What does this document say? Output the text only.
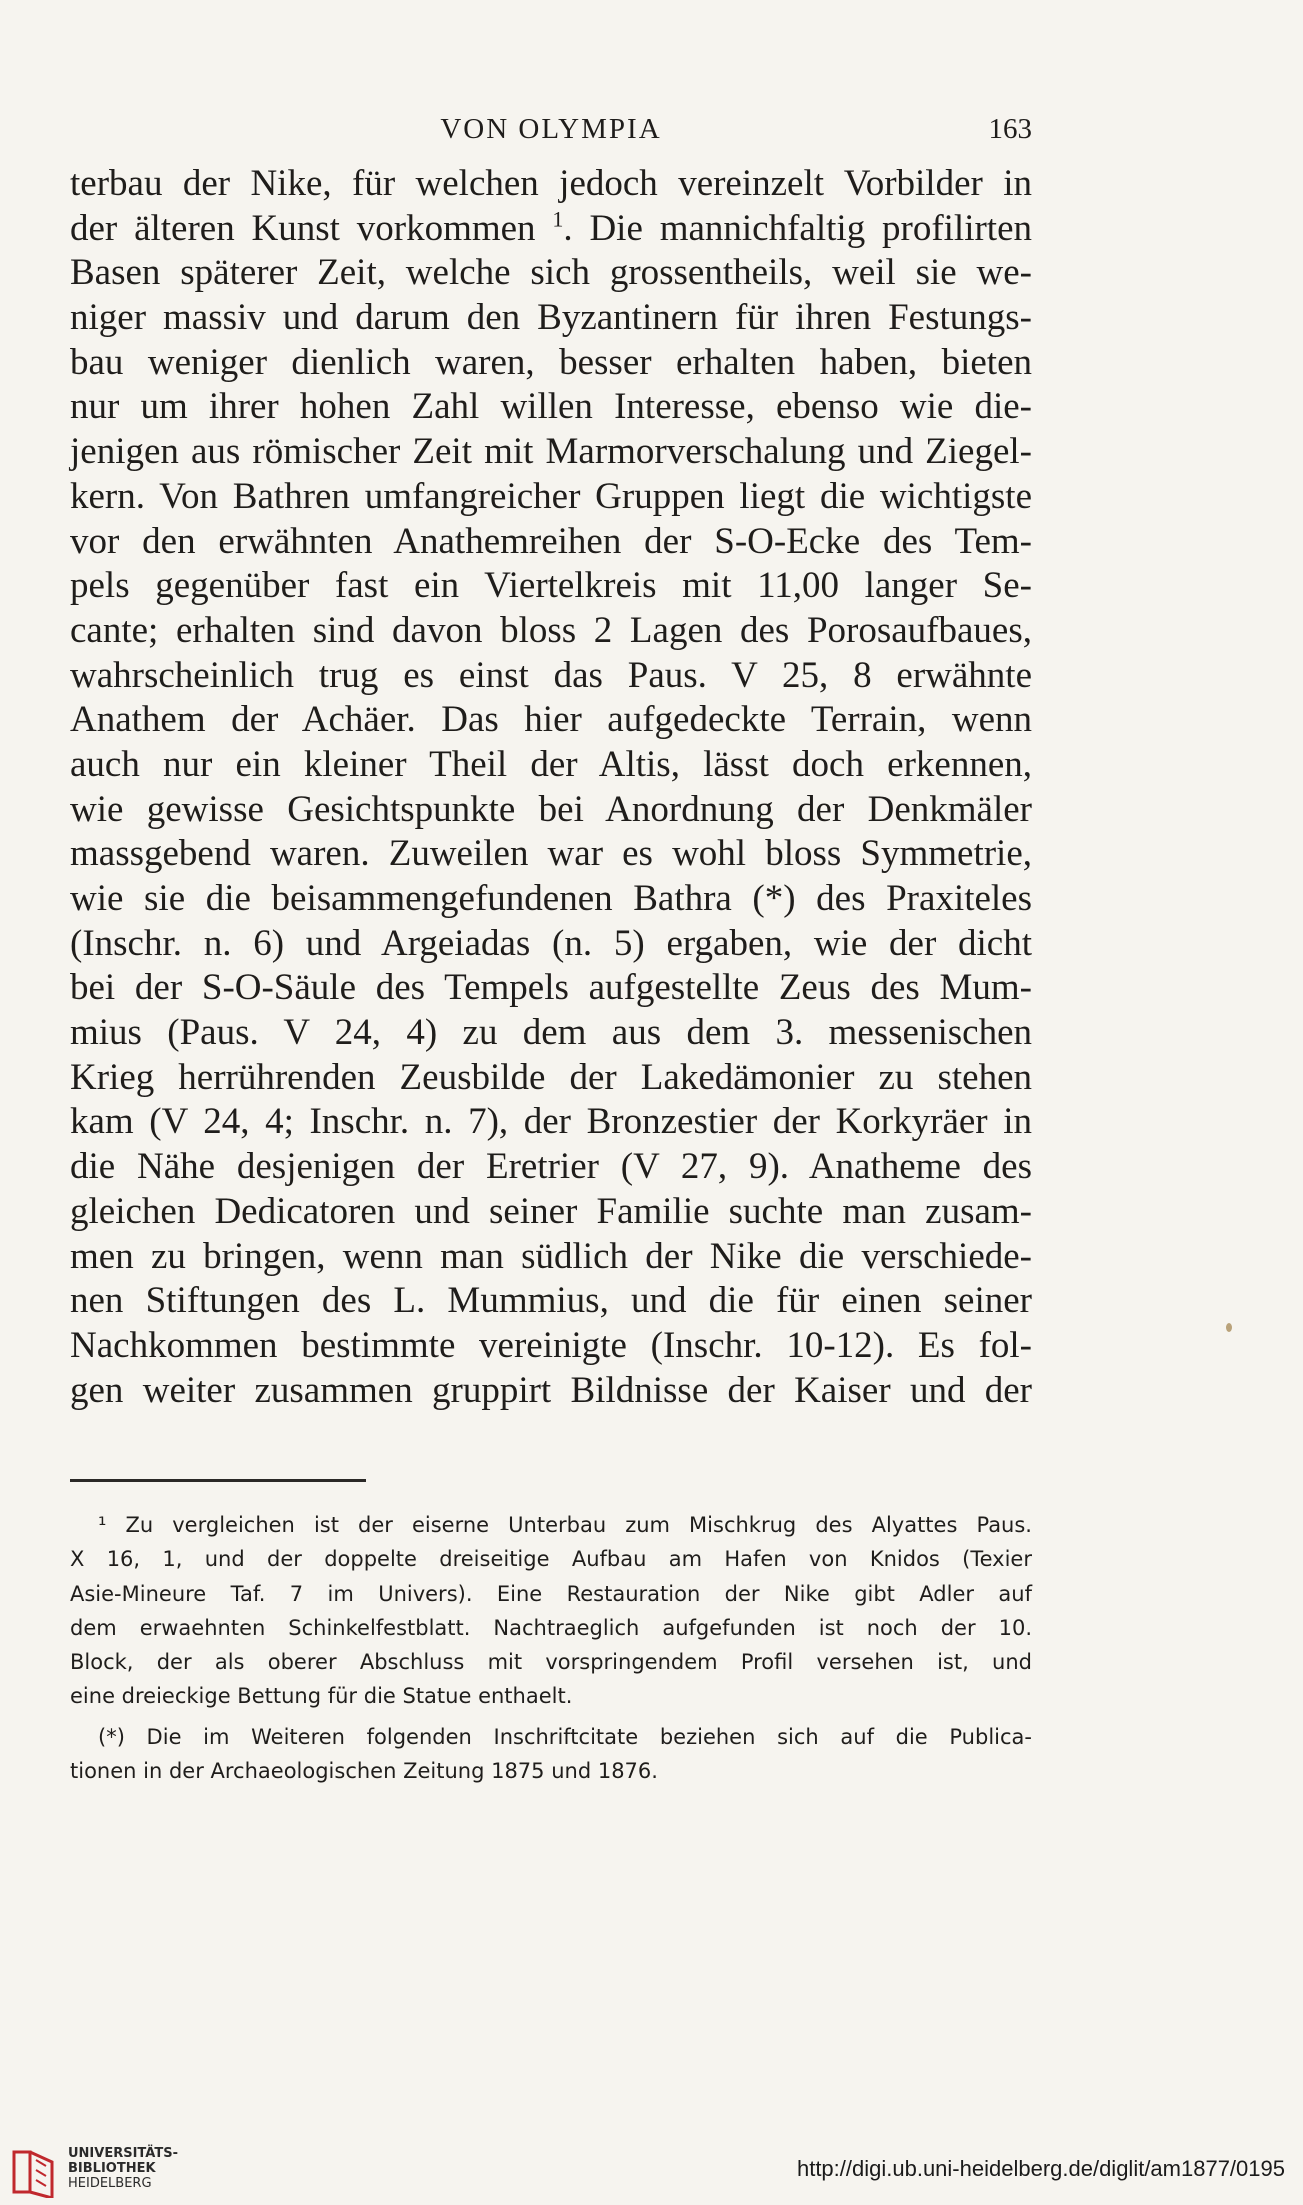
VON OLYMPIA	163
terbau der Nike, für welchen jedoch vereinzelt Vorbilder in
der älteren Kunst vorkommen $^1$. Die mannichfaltig profilirten
Basen späterer Zeit, welche sich grossentheils, weil sie we-
niger massiv und darum den Byzantinern für ihren Festungs-
bau weniger dienlich waren, besser erhalten haben, bieten
nur um ihrer hohen Zahl willen Interesse, ebenso wie die-
jenigen aus römischer Zeit mit Marmorverschalung und Ziegel-
kern. Von Bathren umfangreicher Gruppen liegt die wichtigste
vor den erwähnten Anathemreihen der S-O-Ecke des Tem-
pels gegenüber fast ein Viertelkreis mit 11,00 langer Se-
cante; erhalten sind davon bloss 2 Lagen des Porosaufbaues,
wahrscheinlich trug es einst das Paus. V 25, 8 erwähnte
Anathem der Achäer. Das hier aufgedeckte Terrain, wenn
auch nur ein kleiner Theil der Altis, lässt doch erkennen,
wie gewisse Gesichtspunkte bei Anordnung der Denkmäler
massgebend waren. Zuweilen war es wohl bloss Symmetrie,
wie sie die beisammengefundenen Bathra (*) des Praxiteles
(Inschr. n. 6) und Argeiadas (n. 5) ergaben, wie der dicht
bei der S-O-Säule des Tempels aufgestellte Zeus des Mum-
mius (Paus. V 24, 4) zu dem aus dem 3. messenischen
Krieg herrührenden Zeusbilde der Lakedämonier zu stehen
kam (V 24, 4; Inschr. n. 7), der Bronzestier der Korkyräer in
die Nähe desjenigen der Eretrier (V 27, 9). Anatheme des
gleichen Dedicatoren und seiner Familie suchte man zusam-
men zu bringen, wenn man südlich der Nike die verschiede-
nen Stiftungen des L. Mummius, und die für einen seiner
Nachkommen bestimmte vereinigte (Inschr. 10-12). Es fol-
gen weiter zusammen gruppirt Bildnisse der Kaiser und der
¹ Zu vergleichen ist der eiserne Unterbau zum Mischkrug des Alyattes Paus.
X 16, 1, und der doppelte dreiseitige Aufbau am Hafen von Knidos (Texier
Asie-Mineure Taf. 7 im Univers). Eine Restauration der Nike gibt Adler auf
dem erwaehnten Schinkelfestblatt. Nachtraeglich aufgefunden ist noch der 10.
Block, der als oberer Abschluss mit vorspringendem Profil versehen ist, und
eine dreieckige Bettung für die Statue enthaelt.
(*) Die im Weiteren folgenden Inschriftcitate beziehen sich auf die Publica-
tionen in der Archaeologischen Zeitung 1875 und 1876.
UNIVERSITÄTS-
BIBLIOTHEK
HEIDELBERG
http://digi.ub.uni-heidelberg.de/diglit/am1877/0195
